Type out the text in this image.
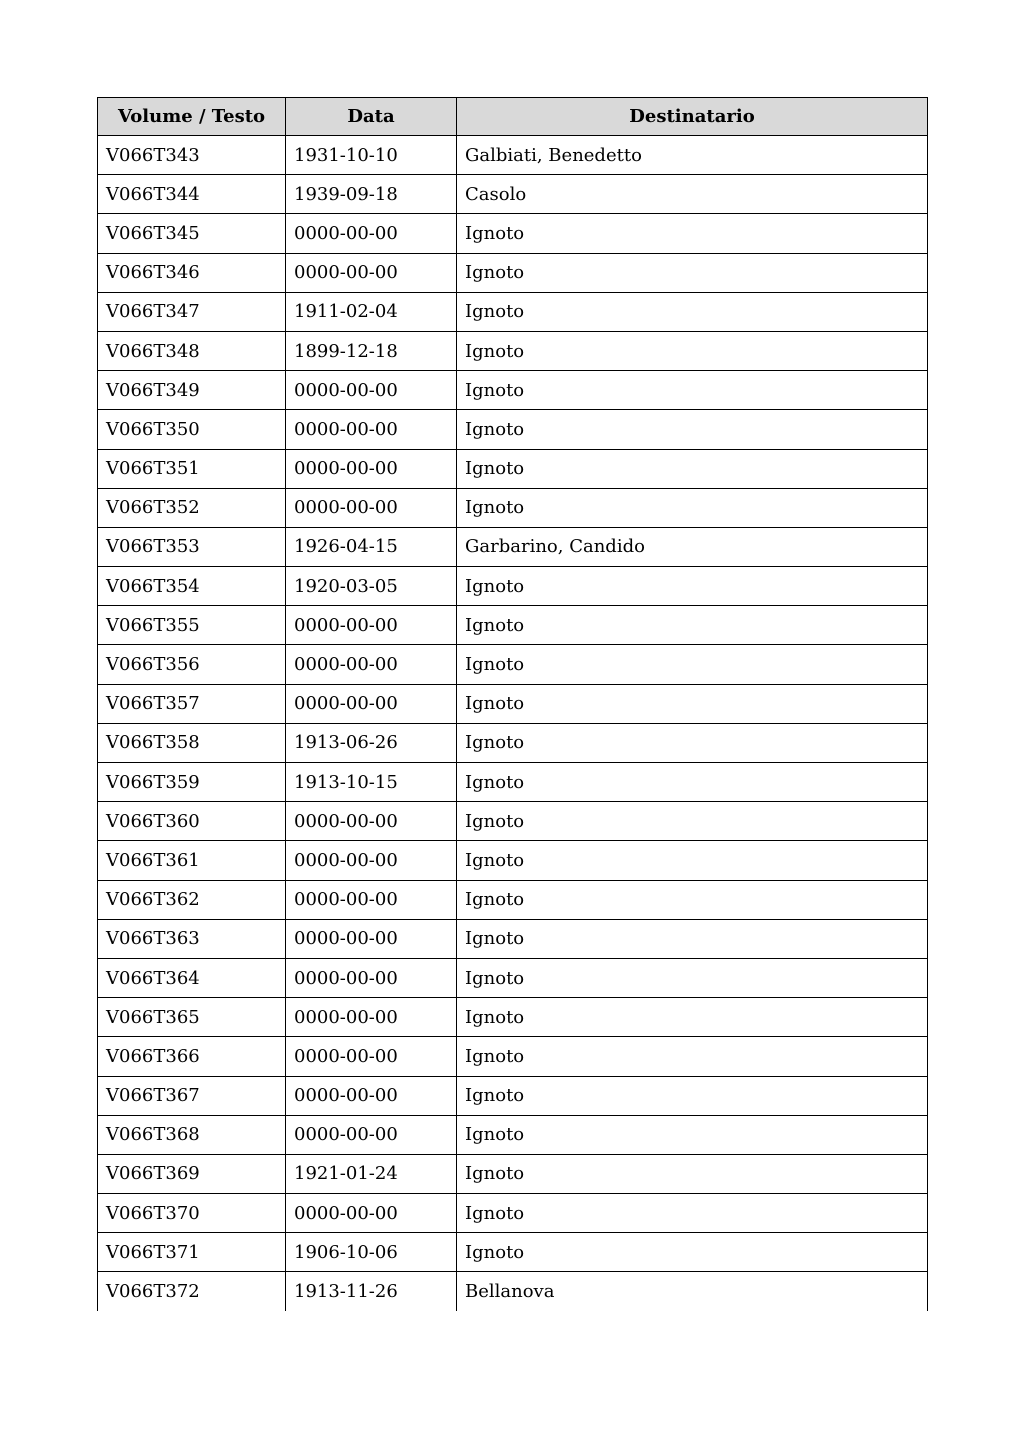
Volume / Testo	Data	Destinatario
V066T343	1931-10-10	Galbiati, Benedetto
V066T344	1939-09-18	Casolo
V066T345	0000-00-00	Ignoto
V066T346	0000-00-00	Ignoto
V066T347	1911-02-04	Ignoto
V066T348	1899-12-18	Ignoto
V066T349	0000-00-00	Ignoto
V066T350	0000-00-00	Ignoto
V066T351	0000-00-00	Ignoto
V066T352	0000-00-00	Ignoto
V066T353	1926-04-15	Garbarino, Candido
V066T354	1920-03-05	Ignoto
V066T355	0000-00-00	Ignoto
V066T356	0000-00-00	Ignoto
V066T357	0000-00-00	Ignoto
V066T358	1913-06-26	Ignoto
V066T359	1913-10-15	Ignoto
V066T360	0000-00-00	Ignoto
V066T361	0000-00-00	Ignoto
V066T362	0000-00-00	Ignoto
V066T363	0000-00-00	Ignoto
V066T364	0000-00-00	Ignoto
V066T365	0000-00-00	Ignoto
V066T366	0000-00-00	Ignoto
V066T367	0000-00-00	Ignoto
V066T368	0000-00-00	Ignoto
V066T369	1921-01-24	Ignoto
V066T370	0000-00-00	Ignoto
V066T371	1906-10-06	Ignoto
V066T372	1913-11-26	Bellanova
